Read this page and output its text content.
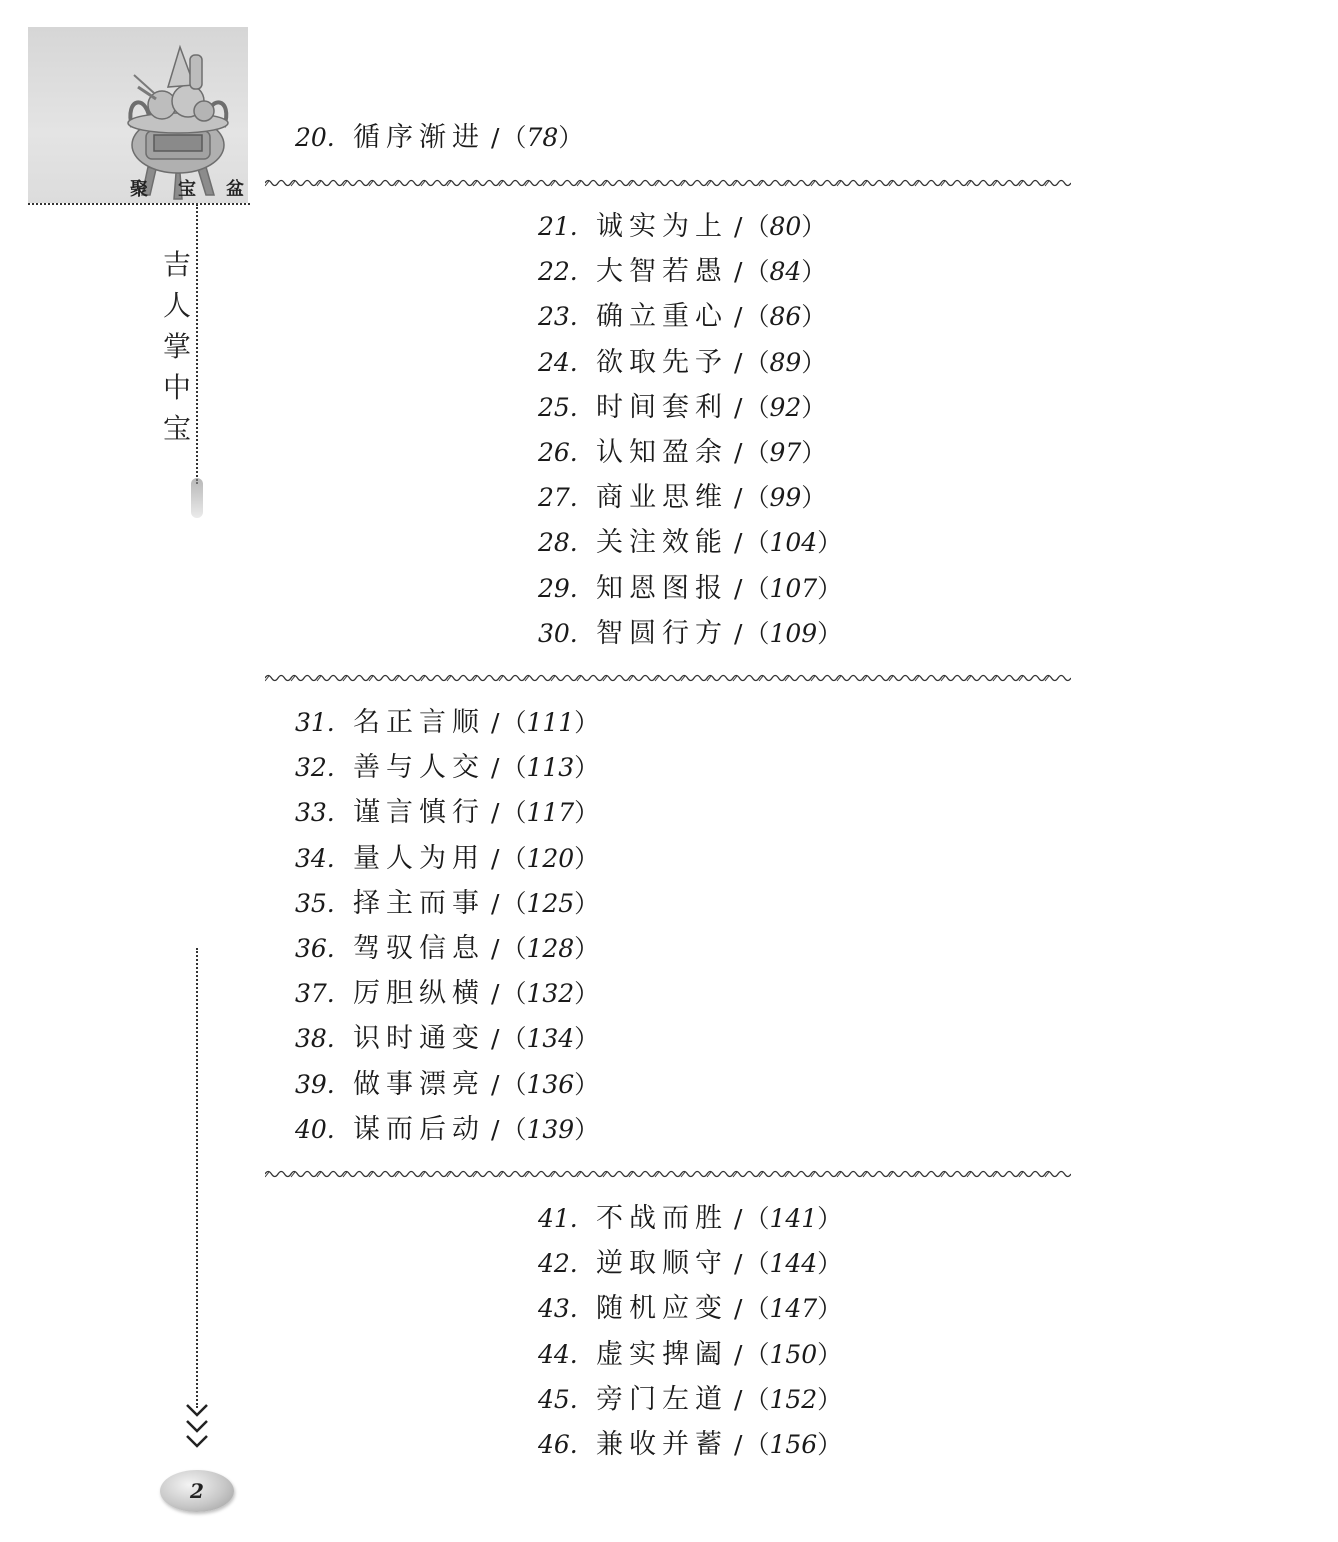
聚 宝 盆
吉
人
掌
中
宝
2
20. 循序渐进 /（78）
21. 诚实为上 /（80）
22. 大智若愚 /（84）
23. 确立重心 /（86）
24. 欲取先予 /（89）
25. 时间套利 /（92）
26. 认知盈余 /（97）
27. 商业思维 /（99）
28. 关注效能 /（104）
29. 知恩图报 /（107）
30. 智圆行方 /（109）
31. 名正言顺 /（111）
32. 善与人交 /（113）
33. 谨言慎行 /（117）
34. 量人为用 /（120）
35. 择主而事 /（125）
36. 驾驭信息 /（128）
37. 厉胆纵横 /（132）
38. 识时通变 /（134）
39. 做事漂亮 /（136）
40. 谋而后动 /（139）
41. 不战而胜 /（141）
42. 逆取顺守 /（144）
43. 随机应变 /（147）
44. 虚实捭阖 /（150）
45. 旁门左道 /（152）
46. 兼收并蓄 /（156）
